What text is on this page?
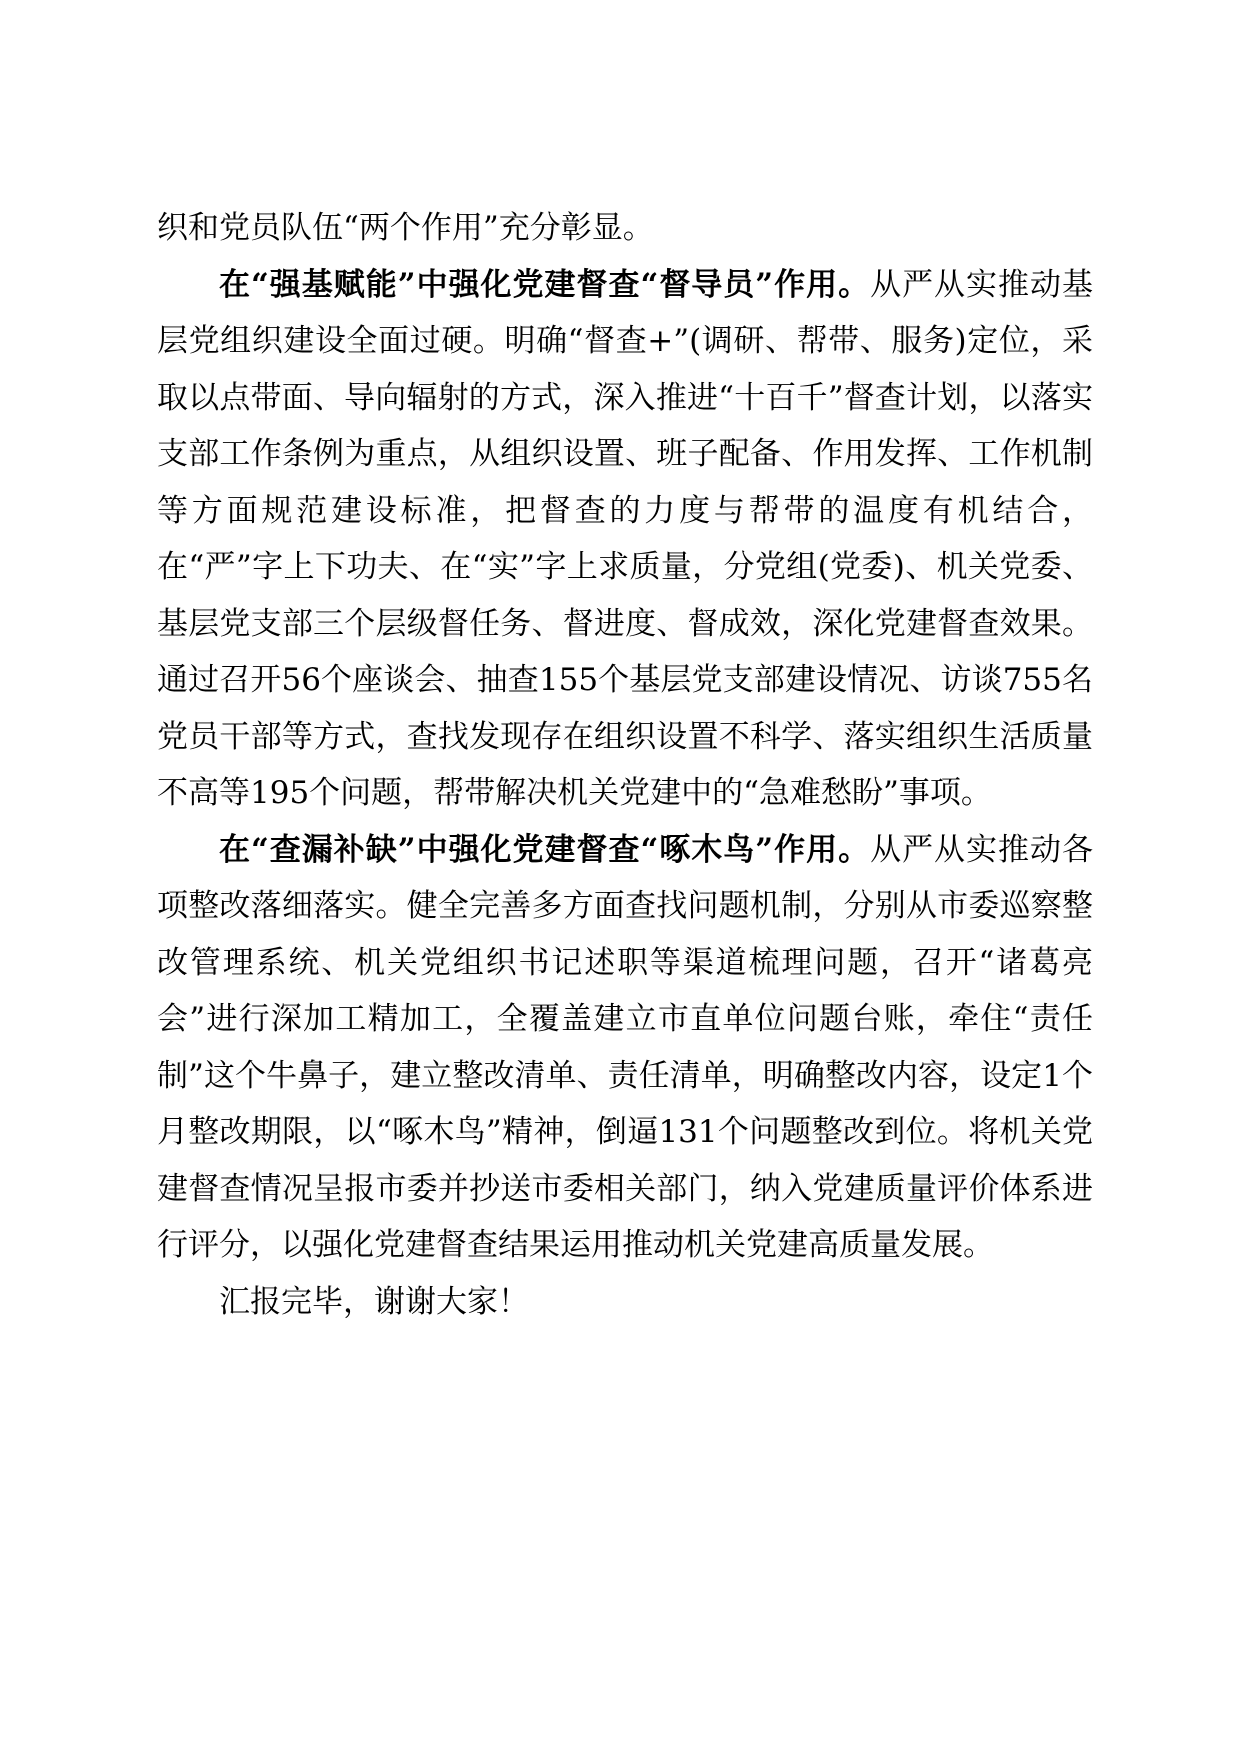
织和党员队伍“两个作用”充分彰显。

在“强基赋能”中强化党建督查“督导员”作用。从严从实推动基层党组织建设全面过硬。明确“督查+”(调研、帮带、服务)定位，采取以点带面、导向辐射的方式，深入推进“十百千”督查计划，以落实支部工作条例为重点，从组织设置、班子配备、作用发挥、工作机制等方面规范建设标准，把督查的力度与帮带的温度有机结合，在“严”字上下功夫、在“实”字上求质量，分党组(党委)、机关党委、基层党支部三个层级督任务、督进度、督成效，深化党建督查效果。通过召开56个座谈会、抽查155个基层党支部建设情况、访谈755名党员干部等方式，查找发现存在组织设置不科学、落实组织生活质量不高等195个问题，帮带解决机关党建中的“急难愁盼”事项。

在“查漏补缺”中强化党建督查“啄木鸟”作用。从严从实推动各项整改落细落实。健全完善多方面查找问题机制，分别从市委巡察整改管理系统、机关党组织书记述职等渠道梳理问题，召开“诸葛亮会”进行深加工精加工，全覆盖建立市直单位问题台账，牵住“责任制”这个牛鼻子，建立整改清单、责任清单，明确整改内容，设定1个月整改期限，以“啄木鸟”精神，倒逼131个问题整改到位。将机关党建督查情况呈报市委并抄送市委相关部门，纳入党建质量评价体系进行评分，以强化党建督查结果运用推动机关党建高质量发展。

汇报完毕，谢谢大家！
